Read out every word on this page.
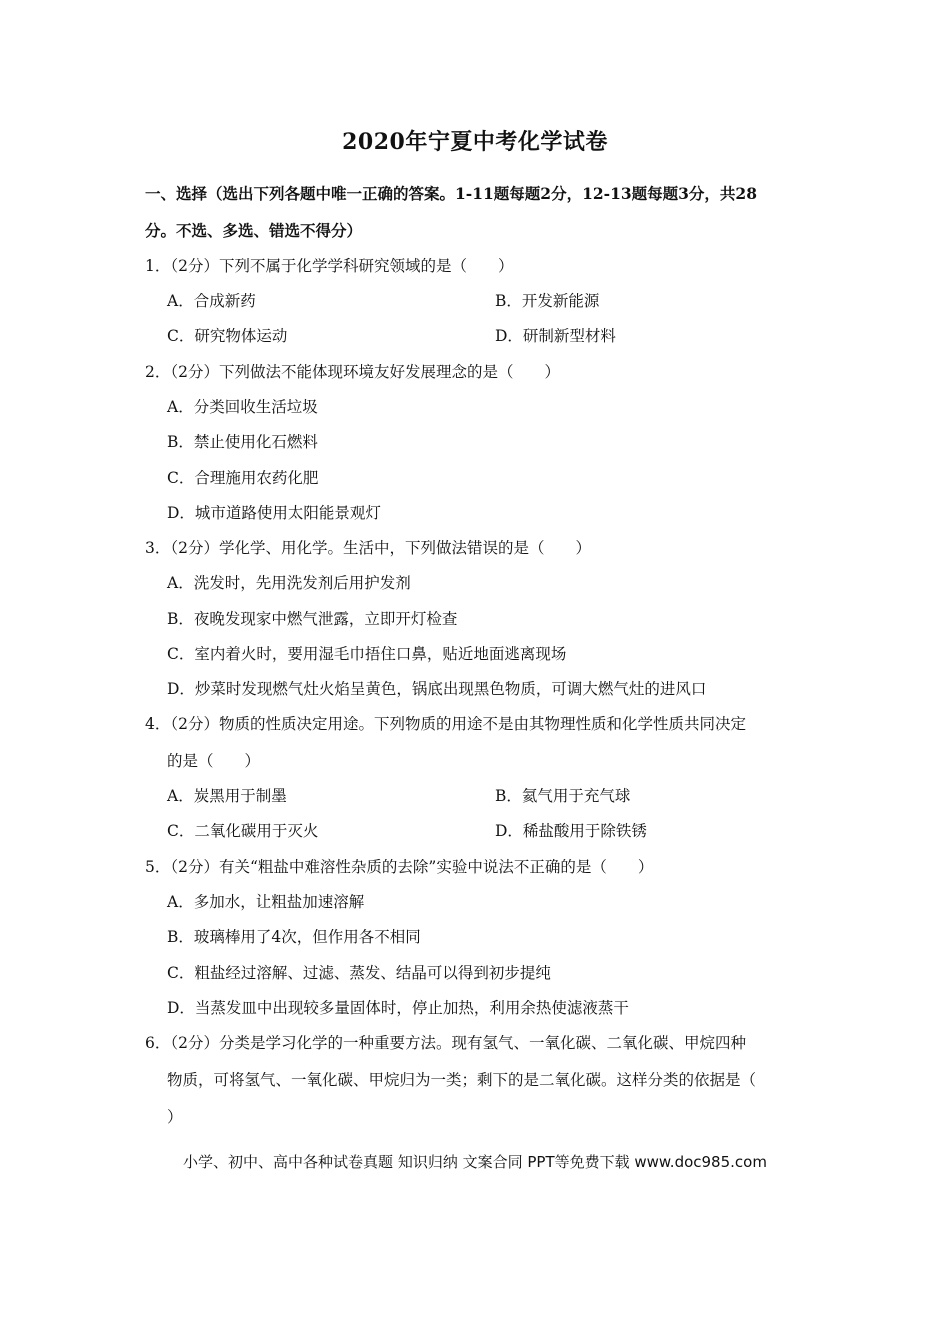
2020年宁夏中考化学试卷
一、选择（选出下列各题中唯一正确的答案。1-11题每题2分，12-13题每题3分，共28
分。不选、多选、错选不得分）
1．（2分）下列不属于化学学科研究领域的是（　　）
A．合成新药	B．开发新能源
C．研究物体运动	D．研制新型材料
2．（2分）下列做法不能体现环境友好发展理念的是（　　）
A．分类回收生活垃圾
B．禁止使用化石燃料
C．合理施用农药化肥
D．城市道路使用太阳能景观灯
3．（2分）学化学、用化学。生活中，下列做法错误的是（　　）
A．洗发时，先用洗发剂后用护发剂
B．夜晚发现家中燃气泄露，立即开灯检查
C．室内着火时，要用湿毛巾捂住口鼻，贴近地面逃离现场
D．炒菜时发现燃气灶火焰呈黄色，锅底出现黑色物质，可调大燃气灶的进风口
4．（2分）物质的性质决定用途。下列物质的用途不是由其物理性质和化学性质共同决定
的是（　　）
A．炭黑用于制墨	B．氦气用于充气球
C．二氧化碳用于灭火	D．稀盐酸用于除铁锈
5．（2分）有关“粗盐中难溶性杂质的去除”实验中说法不正确的是（　　）
A．多加水，让粗盐加速溶解
B．玻璃棒用了4次，但作用各不相同
C．粗盐经过溶解、过滤、蒸发、结晶可以得到初步提纯
D．当蒸发皿中出现较多量固体时，停止加热，利用余热使滤液蒸干
6．（2分）分类是学习化学的一种重要方法。现有氢气、一氧化碳、二氧化碳、甲烷四种
物质，可将氢气、一氧化碳、甲烷归为一类；剩下的是二氧化碳。这样分类的依据是（
）
小学、初中、高中各种试卷真题 知识归纳 文案合同 PPT等免费下载 www.doc985.com
